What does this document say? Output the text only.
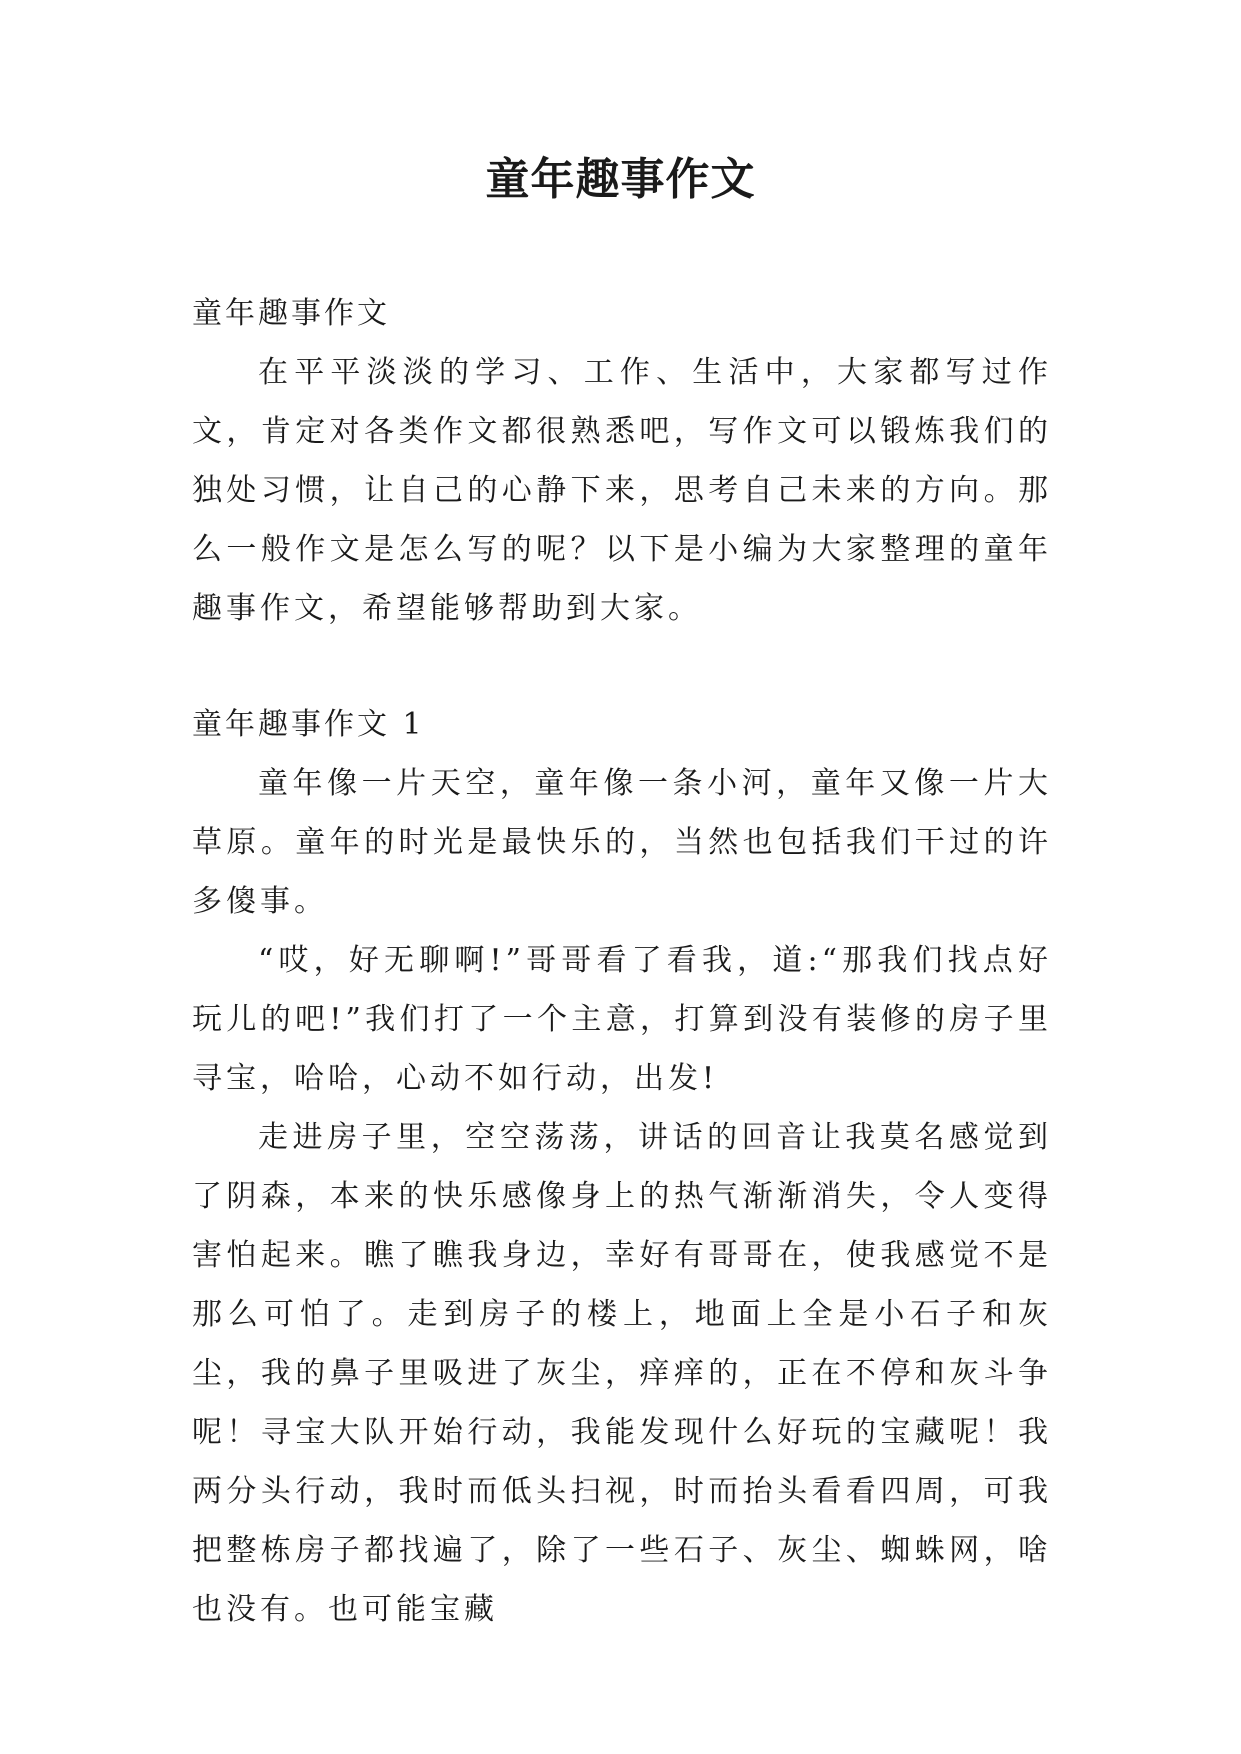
童年趣事作文

童年趣事作文

在平平淡淡的学习、工作、生活中，大家都写过作文，肯定对各类作文都很熟悉吧，写作文可以锻炼我们的独处习惯，让自己的心静下来，思考自己未来的方向。那么一般作文是怎么写的呢？以下是小编为大家整理的童年趣事作文，希望能够帮助到大家。

童年趣事作文 1

童年像一片天空，童年像一条小河，童年又像一片大草原。童年的时光是最快乐的，当然也包括我们干过的许多傻事。

“哎，好无聊啊!”哥哥看了看我，道:“那我们找点好玩儿的吧!”我们打了一个主意，打算到没有装修的房子里寻宝，哈哈，心动不如行动，出发!

走进房子里，空空荡荡，讲话的回音让我莫名感觉到了阴森，本来的快乐感像身上的热气渐渐消失，令人变得害怕起来。瞧了瞧我身边，幸好有哥哥在，使我感觉不是那么可怕了。走到房子的楼上，地面上全是小石子和灰尘，我的鼻子里吸进了灰尘，痒痒的，正在不停和灰斗争呢！寻宝大队开始行动，我能发现什么好玩的宝藏呢！我两分头行动，我时而低头扫视，时而抬头看看四周，可我把整栋房子都找遍了，除了一些石子、灰尘、蜘蛛网，啥也没有。也可能宝藏
